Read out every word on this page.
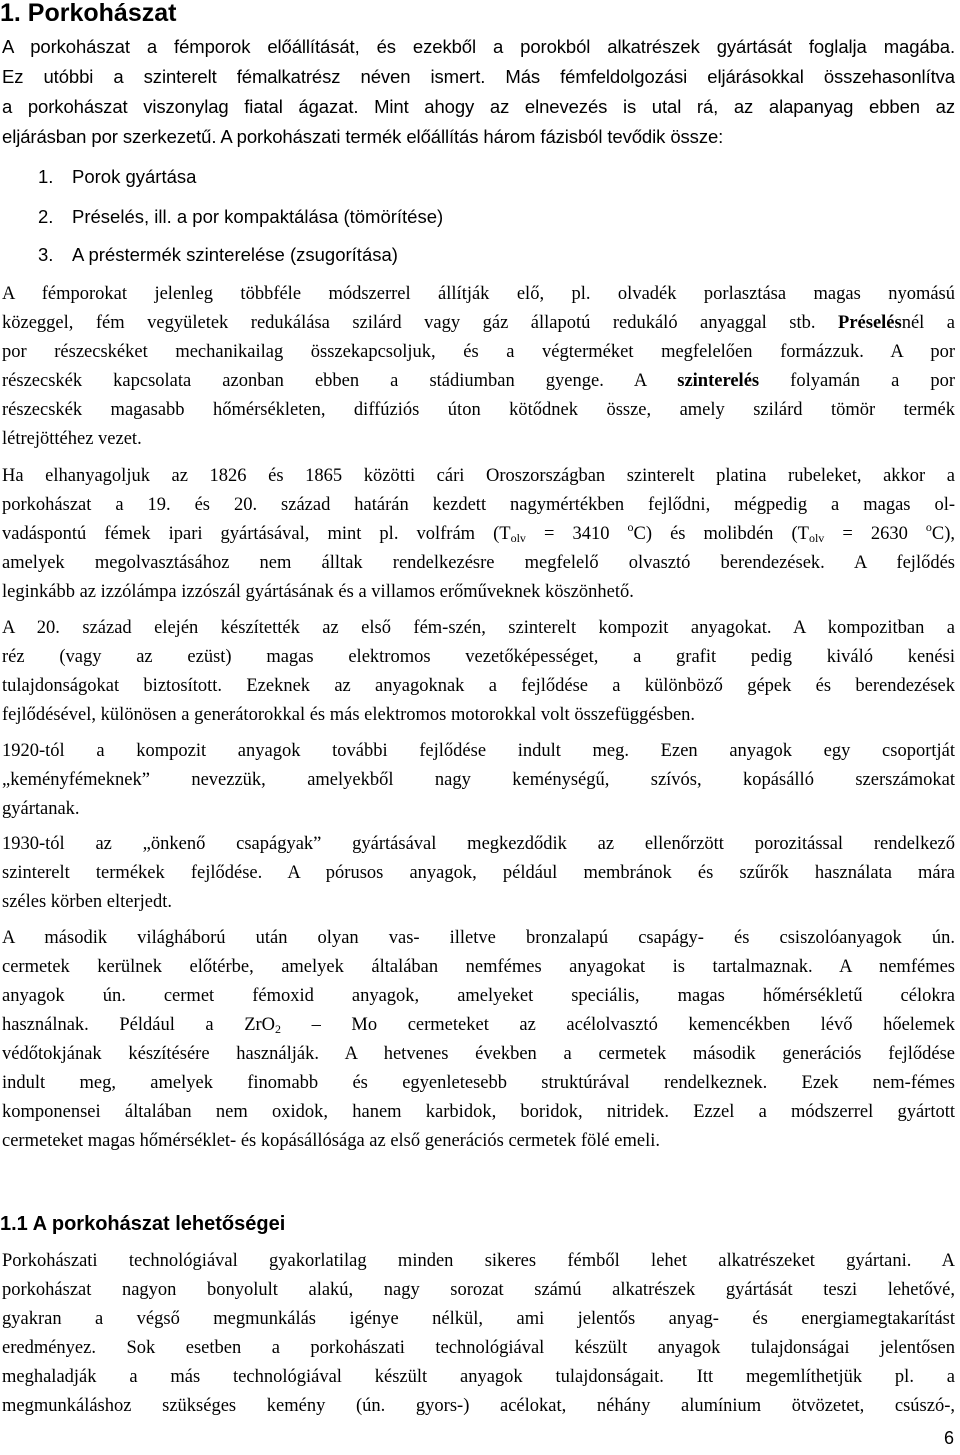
1. Porkohászat
A porkohászat a fémporok előállítását, és ezekből a porokból alkatrészek gyártását foglalja magába.
Ez utóbbi a szinterelt fémalkatrész néven ismert. Más fémfeldolgozási eljárásokkal összehasonlítva
a porkohászat viszonylag fiatal ágazat. Mint ahogy az elnevezés is utal rá, az alapanyag ebben az
eljárásban por szerkezetű. A porkohászati termék előállítás három fázisból tevődik össze:
1. Porok gyártása
2. Préselés, ill. a por kompaktálása (tömörítése)
3. A préstermék szinterelése (zsugorítása)
A fémporokat jelenleg többféle módszerrel állítják elő, pl. olvadék porlasztása magas nyomású
közeggel, fém vegyületek redukálása szilárd vagy gáz állapotú redukáló anyaggal stb. Préselésnél a
por részecskéket mechanikailag összekapcsoljuk, és a végterméket megfelelően formázzuk. A por
részecskék kapcsolata azonban ebben a stádiumban gyenge. A szinterelés folyamán a por
részecskék magasabb hőmérsékleten, diffúziós úton kötődnek össze, amely szilárd tömör termék
létrejöttéhez vezet.
Ha elhanyagoljuk az 1826 és 1865 közötti cári Oroszországban szinterelt platina rubeleket, akkor a
porkohászat a 19. és 20. század határán kezdett nagymértékben fejlődni, mégpedig a magas ol-
vadáspontú fémek ipari gyártásával, mint pl. volfrám ($T_{olv} = 3410$ $^o$C) és molibdén ($T_{olv} = 2630$ $^o$C),
amelyek megolvasztásához nem álltak rendelkezésre megfelelő olvasztó berendezések. A fejlődés
leginkább az izzólámpa izzószál gyártásának és a villamos erőműveknek köszönhető.
A 20. század elején készítették az első fém-szén, szinterelt kompozit anyagokat. A kompozitban a
réz (vagy az ezüst) magas elektromos vezetőképességet, a grafit pedig kiváló kenési
tulajdonságokat biztosított. Ezeknek az anyagoknak a fejlődése a különböző gépek és berendezések
fejlődésével, különösen a generátorokkal és más elektromos motorokkal volt összefüggésben.
1920-tól a kompozit anyagok további fejlődése indult meg. Ezen anyagok egy csoportját
„keményfémeknek” nevezzük, amelyekből nagy keménységű, szívós, kopásálló szerszámokat
gyártanak.
1930-tól az „önkenő csapágyak” gyártásával megkezdődik az ellenőrzött porozitással rendelkező
szinterelt termékek fejlődése. A pórusos anyagok, például membránok és szűrők használata mára
széles körben elterjedt.
A második világháború után olyan vas- illetve bronzalapú csapágy- és csiszolóanyagok ún.
cermetek kerülnek előtérbe, amelyek általában nemfémes anyagokat is tartalmaznak. A nemfémes
anyagok ún. cermet fémoxid anyagok, amelyeket speciális, magas hőmérsékletű célokra
használnak. Például a ZrO$_2$ – Mo cermeteket az acélolvasztó kemencékben lévő hőelemek
védőtokjának készítésére használják. A hetvenes években a cermetek második generációs fejlődése
indult meg, amelyek finomabb és egyenletesebb struktúrával rendelkeznek. Ezek nem-fémes
komponensei általában nem oxidok, hanem karbidok, boridok, nitridek. Ezzel a módszerrel gyártott
cermeteket magas hőmérséklet- és kopásállósága az első generációs cermetek fölé emeli.
1.1 A porkohászat lehetőségei
Porkohászati technológiával gyakorlatilag minden sikeres fémből lehet alkatrészeket gyártani. A
porkohászat nagyon bonyolult alakú, nagy sorozat számú alkatrészek gyártását teszi lehetővé,
gyakran a végső megmunkálás igénye nélkül, ami jelentős anyag- és energiamegtakarítást
eredményez. Sok esetben a porkohászati technológiával készült anyagok tulajdonságai jelentősen
meghaladják a más technológiával készült anyagok tulajdonságait. Itt megemlíthetjük pl. a
megmunkáláshoz szükséges kemény (ún. gyors-) acélokat, néhány alumínium ötvözetet, csúszó-,
6
